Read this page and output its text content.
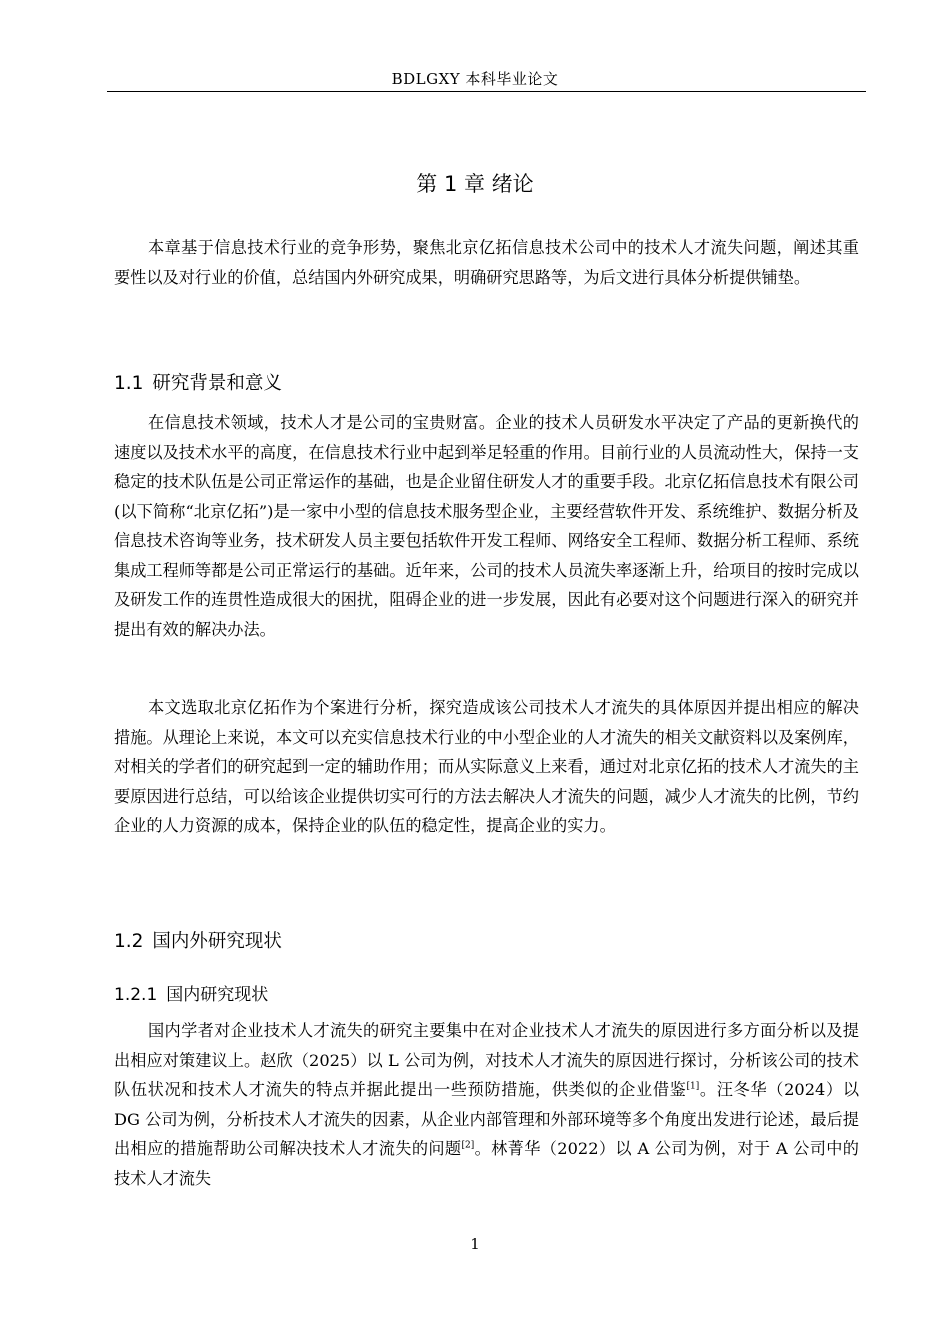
BDLGXY 本科毕业论文
第 1 章 绪论

本章基于信息技术行业的竞争形势，聚焦北京亿拓信息技术公司中的技术人才流失问题，阐述其重要性以及对行业的价值，总结国内外研究成果，明确研究思路等，为后文进行具体分析提供铺垫。

1.1 研究背景和意义

在信息技术领域，技术人才是公司的宝贵财富。企业的技术人员研发水平决定了产品的更新换代的速度以及技术水平的高度，在信息技术行业中起到举足轻重的作用。目前行业的人员流动性大，保持一支稳定的技术队伍是公司正常运作的基础，也是企业留住研发人才的重要手段。北京亿拓信息技术有限公司(以下简称“北京亿拓”)是一家中小型的信息技术服务型企业，主要经营软件开发、系统维护、数据分析及信息技术咨询等业务，技术研发人员主要包括软件开发工程师、网络安全工程师、数据分析工程师、系统集成工程师等都是公司正常运行的基础。近年来，公司的技术人员流失率逐渐上升，给项目的按时完成以及研发工作的连贯性造成很大的困扰，阻碍企业的进一步发展，因此有必要对这个问题进行深入的研究并提出有效的解决办法。

本文选取北京亿拓作为个案进行分析，探究造成该公司技术人才流失的具体原因并提出相应的解决措施。从理论上来说，本文可以充实信息技术行业的中小型企业的人才流失的相关文献资料以及案例库，对相关的学者们的研究起到一定的辅助作用；而从实际意义上来看，通过对北京亿拓的技术人才流失的主要原因进行总结，可以给该企业提供切实可行的方法去解决人才流失的问题，减少人才流失的比例，节约企业的人力资源的成本，保持企业的队伍的稳定性，提高企业的实力。

1.2 国内外研究现状
1.2.1 国内研究现状

国内学者对企业技术人才流失的研究主要集中在对企业技术人才流失的原因进行多方面分析以及提出相应对策建议上。赵欣（2025）以 L 公司为例，对技术人才流失的原因进行探讨，分析该公司的技术队伍状况和技术人才流失的特点并据此提出一些预防措施，供类似的企业借鉴[1]。汪冬华（2024）以 DG 公司为例，分析技术人才流失的因素，从企业内部管理和外部环境等多个角度出发进行论述，最后提出相应的措施帮助公司解决技术人才流失的问题[2]。林菁华（2022）以 A 公司为例，对于 A 公司中的技术人才流失

1
